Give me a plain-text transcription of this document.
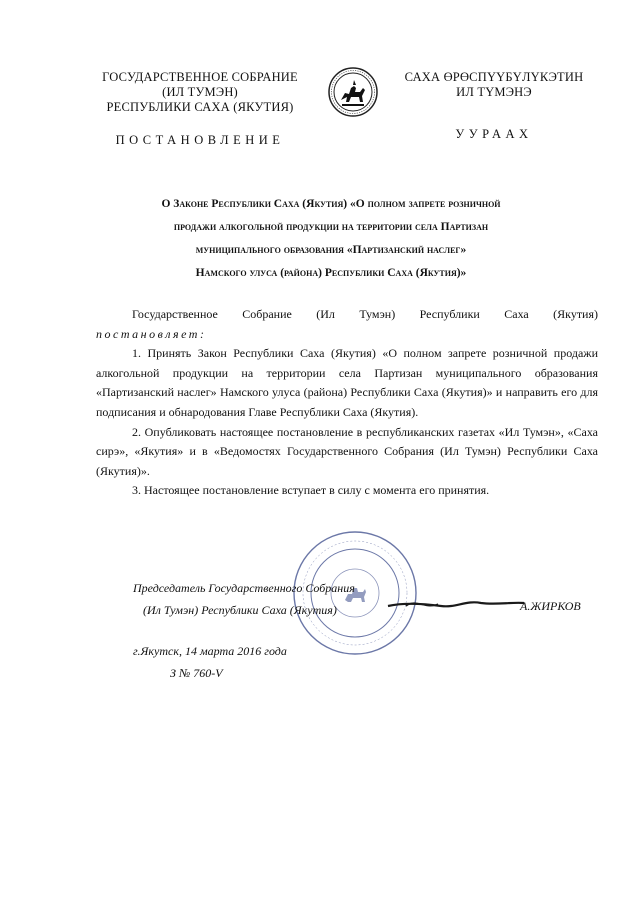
ГОСУДАРСТВЕННОЕ СОБРАНИЕ
(ИЛ ТУМЭН)
РЕСПУБЛИКИ САХА (ЯКУТИЯ)
ПОСТАНОВЛЕНИЕ
САХА ӨРӨСПҮҮБҮЛҮКЭТИН
ИЛ ТҮМЭНЭ
УУРААХ
О Законе Республики Саха (Якутия) «О полном запрете розничной
продажи алкогольной продукции на территории села Партизан
муниципального образования «Партизанский наслег»
Намского улуса (района) Республики Саха (Якутия)»

Государственное Собрание (Ил Тумэн) Республики Саха (Якутия)

постановляет:

1. Принять Закон Республики Саха (Якутия) «О полном запрете розничной продажи алкогольной продукции на территории села Партизан муниципального образования «Партизанский наслег» Намского улуса (района) Республики Саха (Якутия)» и направить его для подписания и обнародования Главе Республики Саха (Якутия).

2. Опубликовать настоящее постановление в республиканских газетах «Ил Тумэн», «Саха сирэ», «Якутия» и в «Ведомостях Государственного Собрания (Ил Тумэн) Республики Саха (Якутия)».

3. Настоящее постановление вступает в силу с момента его принятия.

Председатель Государственного Собрания
(Ил Тумэн) Республики Саха (Якутия)	А.ЖИРКОВ
г.Якутск, 14 марта 2016 года
З № 760-V
